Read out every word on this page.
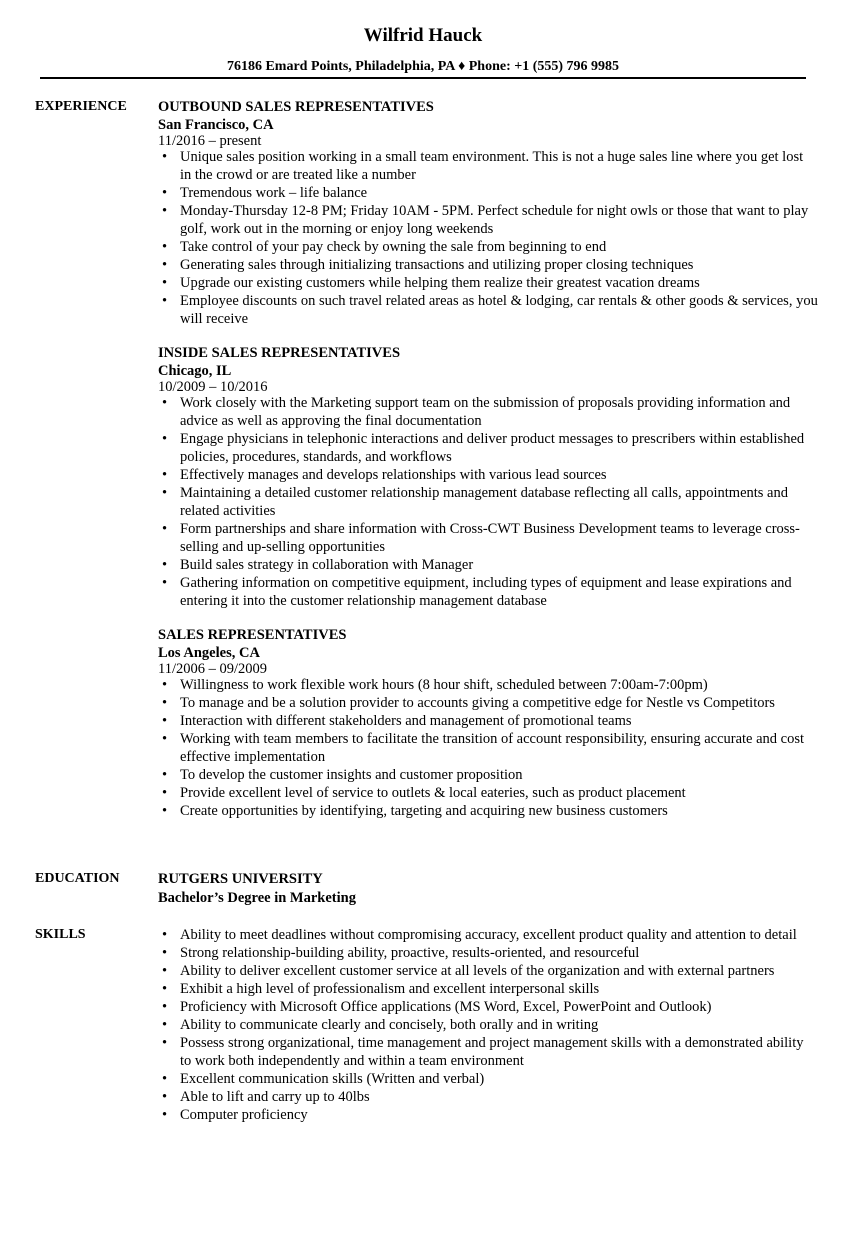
Wilfrid Hauck
76186 Emard Points, Philadelphia, PA ♦ Phone: +1 (555) 796 9985
EXPERIENCE OUTBOUND SALES REPRESENTATIVES
San Francisco, CA
11/2016 – present
• Unique sales position working in a small team environment. This is not a huge sales line where you get lost in the crowd or are treated like a number
• Tremendous work – life balance
• Monday-Thursday 12-8 PM; Friday 10AM - 5PM. Perfect schedule for night owls or those that want to play golf, work out in the morning or enjoy long weekends
• Take control of your pay check by owning the sale from beginning to end
• Generating sales through initializing transactions and utilizing proper closing techniques
• Upgrade our existing customers while helping them realize their greatest vacation dreams
• Employee discounts on such travel related areas as hotel & lodging, car rentals & other goods & services, you will receive
INSIDE SALES REPRESENTATIVES
Chicago, IL
10/2009 – 10/2016
• Work closely with the Marketing support team on the submission of proposals providing information and advice as well as approving the final documentation
• Engage physicians in telephonic interactions and deliver product messages to prescribers within established policies, procedures, standards, and workflows
• Effectively manages and develops relationships with various lead sources
• Maintaining a detailed customer relationship management database reflecting all calls, appointments and related activities
• Form partnerships and share information with Cross-CWT Business Development teams to leverage cross-selling and up-selling opportunities
• Build sales strategy in collaboration with Manager
• Gathering information on competitive equipment, including types of equipment and lease expirations and entering it into the customer relationship management database
SALES REPRESENTATIVES
Los Angeles, CA
11/2006 – 09/2009
• Willingness to work flexible work hours (8 hour shift, scheduled between 7:00am-7:00pm)
• To manage and be a solution provider to accounts giving a competitive edge for Nestle vs Competitors
• Interaction with different stakeholders and management of promotional teams
• Working with team members to facilitate the transition of account responsibility, ensuring accurate and cost effective implementation
• To develop the customer insights and customer proposition
• Provide excellent level of service to outlets & local eateries, such as product placement
• Create opportunities by identifying, targeting and acquiring new business customers
EDUCATION	RUTGERS UNIVERSITY
Bachelor’s Degree in Marketing
SKILLS
•	Ability to meet deadlines without compromising accuracy, excellent product quality and attention to detail
• Strong relationship-building ability, proactive, results-oriented, and resourceful
• Ability to deliver excellent customer service at all levels of the organization and with external partners
• Exhibit a high level of professionalism and excellent interpersonal skills
• Proficiency with Microsoft Office applications (MS Word, Excel, PowerPoint and Outlook)
• Ability to communicate clearly and concisely, both orally and in writing
• Possess strong organizational, time management and project management skills with a demonstrated ability to work both independently and within a team environment
• Excellent communication skills (Written and verbal)
• Able to lift and carry up to 40lbs
• Computer proficiency
